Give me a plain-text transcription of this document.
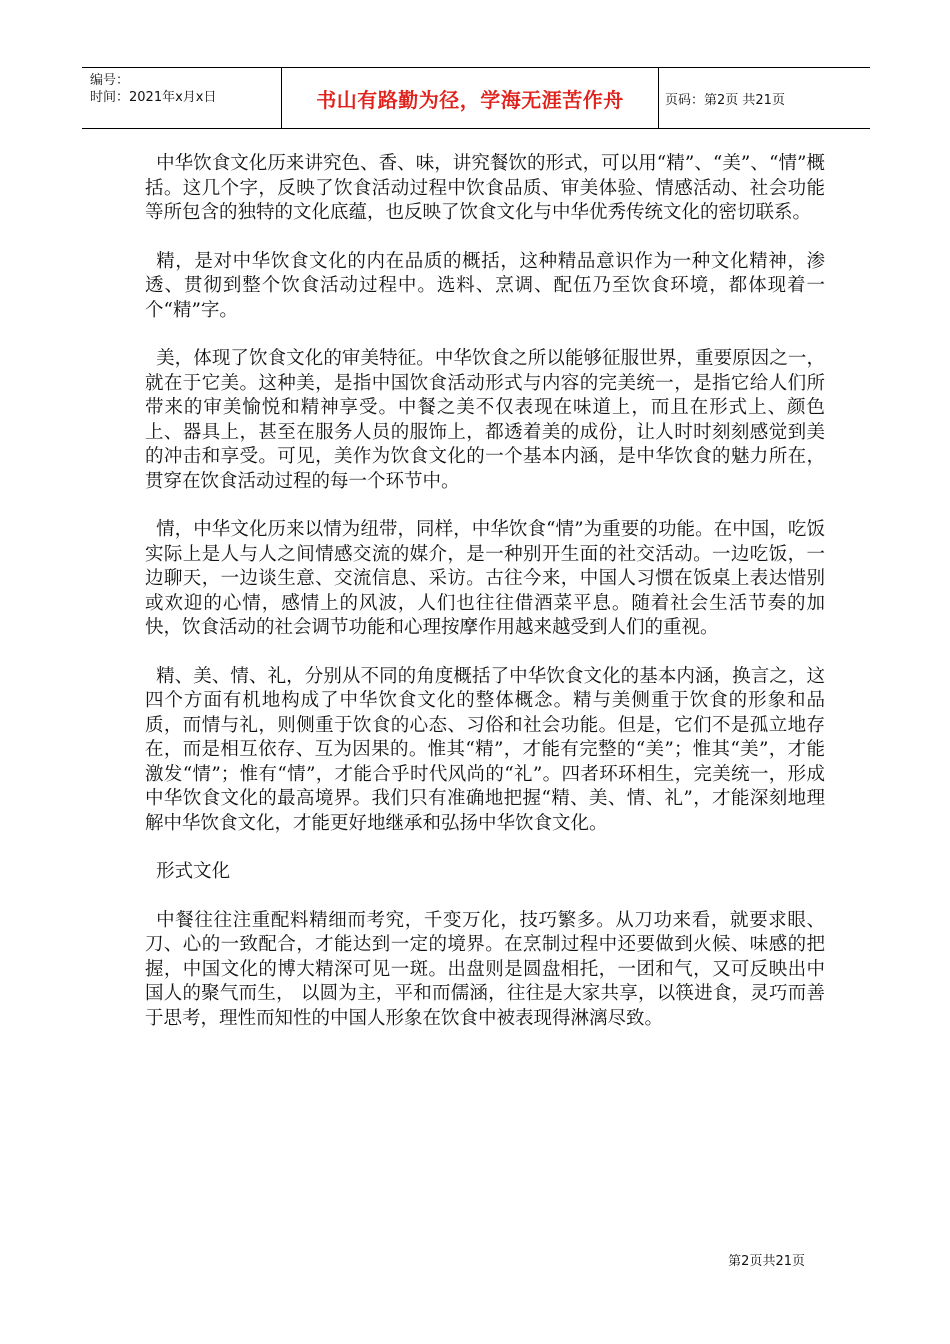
编号：
时间：2021年x月x日	书山有路勤为径，学海无涯苦作舟	页码：第2页 共21页

中华饮食文化历来讲究色、香、味，讲究餐饮的形式，可以用“精”、“美”、“情”概括。这几个字，反映了饮食活动过程中饮食品质、审美体验、情感活动、社会功能等所包含的独特的文化底蕴，也反映了饮食文化与中华优秀传统文化的密切联系。

精，是对中华饮食文化的内在品质的概括，这种精品意识作为一种文化精神，渗透、贯彻到整个饮食活动过程中。选料、烹调、配伍乃至饮食环境，都体现着一个“精”字。

美，体现了饮食文化的审美特征。中华饮食之所以能够征服世界，重要原因之一，就在于它美。这种美，是指中国饮食活动形式与内容的完美统一，是指它给人们所带来的审美愉悦和精神享受。中餐之美不仅表现在味道上，而且在形式上、颜色上、器具上，甚至在服务人员的服饰上，都透着美的成份，让人时时刻刻感觉到美的冲击和享受。可见，美作为饮食文化的一个基本内涵，是中华饮食的魅力所在，贯穿在饮食活动过程的每一个环节中。

情，中华文化历来以情为纽带，同样，中华饮食“情”为重要的功能。在中国，吃饭实际上是人与人之间情感交流的媒介，是一种别开生面的社交活动。一边吃饭，一边聊天，一边谈生意、交流信息、采访。古往今来，中国人习惯在饭桌上表达惜别或欢迎的心情，感情上的风波，人们也往往借酒菜平息。随着社会生活节奏的加快，饮食活动的社会调节功能和心理按摩作用越来越受到人们的重视。

精、美、情、礼，分别从不同的角度概括了中华饮食文化的基本内涵，换言之，这四个方面有机地构成了中华饮食文化的整体概念。精与美侧重于饮食的形象和品质，而情与礼，则侧重于饮食的心态、习俗和社会功能。但是，它们不是孤立地存在，而是相互依存、互为因果的。惟其“精”，才能有完整的“美”；惟其“美”，才能激发“情”；惟有“情”，才能合乎时代风尚的“礼”。四者环环相生，完美统一，形成中华饮食文化的最高境界。我们只有准确地把握“精、美、情、礼”，才能深刻地理解中华饮食文化，才能更好地继承和弘扬中华饮食文化。

形式文化

中餐往往注重配料精细而考究，千变万化，技巧繁多。从刀功来看，就要求眼、刀、心的一致配合，才能达到一定的境界。在烹制过程中还要做到火候、味感的把握，中国文化的博大精深可见一斑。出盘则是圆盘相托，一团和气，又可反映出中国人的聚气而生， 以圆为主，平和而儒涵，往往是大家共享，以筷进食，灵巧而善于思考，理性而知性的中国人形象在饮食中被表现得淋漓尽致。

第2页共21页
